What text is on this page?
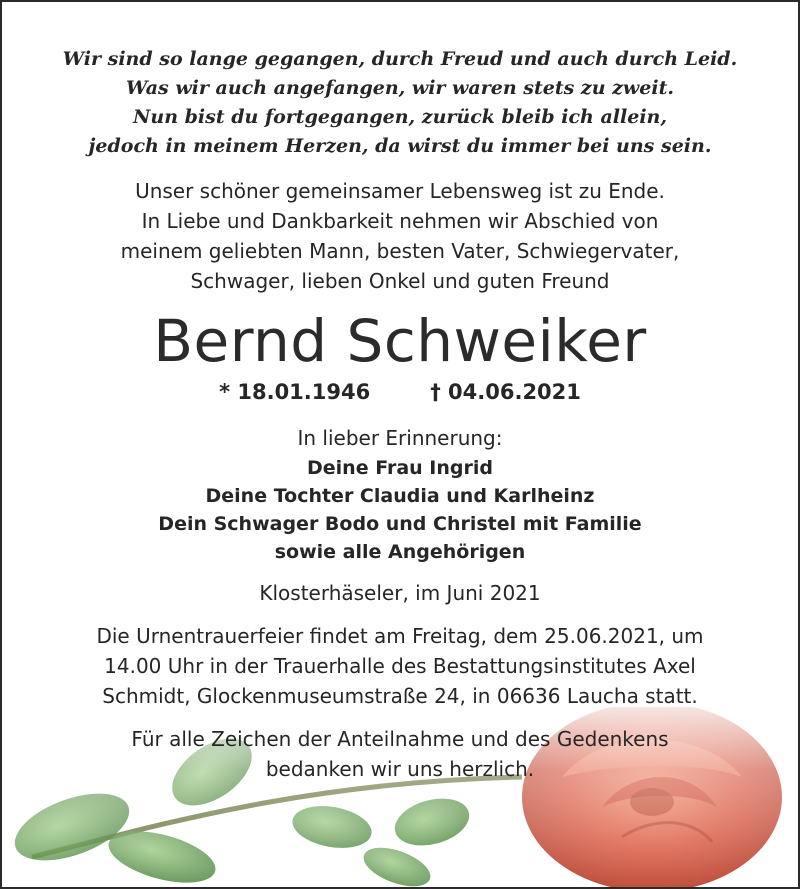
Wir sind so lange gegangen, durch Freud und auch durch Leid.
Was wir auch angefangen, wir waren stets zu zweit.
Nun bist du fortgegangen, zurück bleib ich allein,
jedoch in meinem Herzen, da wirst du immer bei uns sein.
Unser schöner gemeinsamer Lebensweg ist zu Ende.
In Liebe und Dankbarkeit nehmen wir Abschied von
meinem geliebten Mann, besten Vater, Schwiegervater,
Schwager, lieben Onkel und guten Freund
Bernd Schweiker
* 18.01.1946	† 04.06.2021
In lieber Erinnerung:
Deine Frau Ingrid
Deine Tochter Claudia und Karlheinz
Dein Schwager Bodo und Christel mit Familie
sowie alle Angehörigen
Klosterhäseler, im Juni 2021
Die Urnentrauerfeier findet am Freitag, dem 25.06.2021, um
14.00 Uhr in der Trauerhalle des Bestattungsinstitutes Axel
Schmidt, Glockenmuseumstraße 24, in 06636 Laucha statt.
Für alle Zeichen der Anteilnahme und des Gedenkens
bedanken wir uns herzlich.
